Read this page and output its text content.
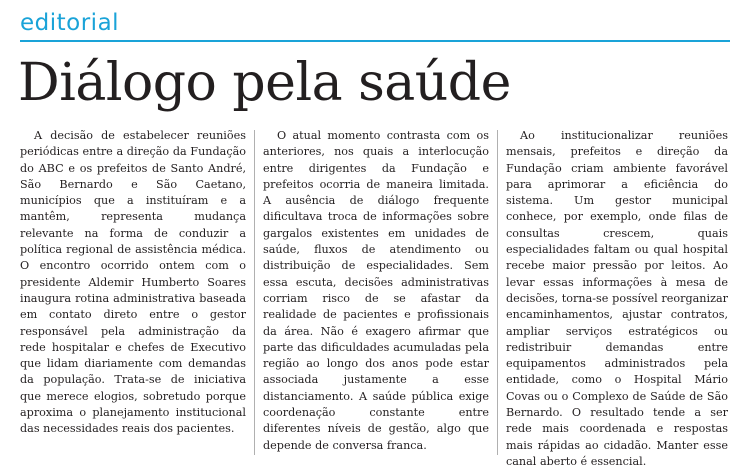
editorial
Diálogo pela saúde

A decisão de estabelecer reuniões periódicas entre a direção da Fundação do ABC e os prefeitos de Santo André, São Bernardo e São Caetano, municípios que a instituíram e a mantêm, representa mudança relevante na forma de conduzir a política regional de assistência médica. O encontro ocorrido ontem com o presidente Aldemir Humberto Soares inaugura rotina administrativa baseada em contato direto entre o gestor responsável pela administração da rede hospitalar e chefes de Executivo que lidam diariamente com demandas da população. Trata-se de iniciativa que merece elogios, sobretudo porque aproxima o planejamento institucional das necessidades reais dos pacientes.

O atual momento contrasta com os anteriores, nos quais a interlocução entre dirigentes da Fundação e prefeitos ocorria de maneira limitada. A ausência de diálogo frequente dificultava troca de informações sobre gargalos existentes em unidades de saúde, fluxos de atendimento ou distribuição de especialidades. Sem essa escuta, decisões administrativas corriam risco de se afastar da realidade de pacientes e profissionais da área. Não é exagero afirmar que parte das dificuldades acumuladas pela região ao longo dos anos pode estar associada justamente a esse distanciamento. A saúde pública exige coordenação constante entre diferentes níveis de gestão, algo que depende de conversa franca.

Ao institucionalizar reuniões mensais, prefeitos e direção da Fundação criam ambiente favorável para aprimorar a eficiência do sistema. Um gestor municipal conhece, por exemplo, onde filas de consultas crescem, quais especialidades faltam ou qual hospital recebe maior pressão por leitos. Ao levar essas informações à mesa de decisões, torna-se possível reorganizar encaminhamentos, ajustar contratos, ampliar serviços estratégicos ou redistribuir demandas entre equipamentos administrados pela entidade, como o Hospital Mário Covas ou o Complexo de Saúde de São Bernardo. O resultado tende a ser rede mais coordenada e respostas mais rápidas ao cidadão. Manter esse canal aberto é essencial.
